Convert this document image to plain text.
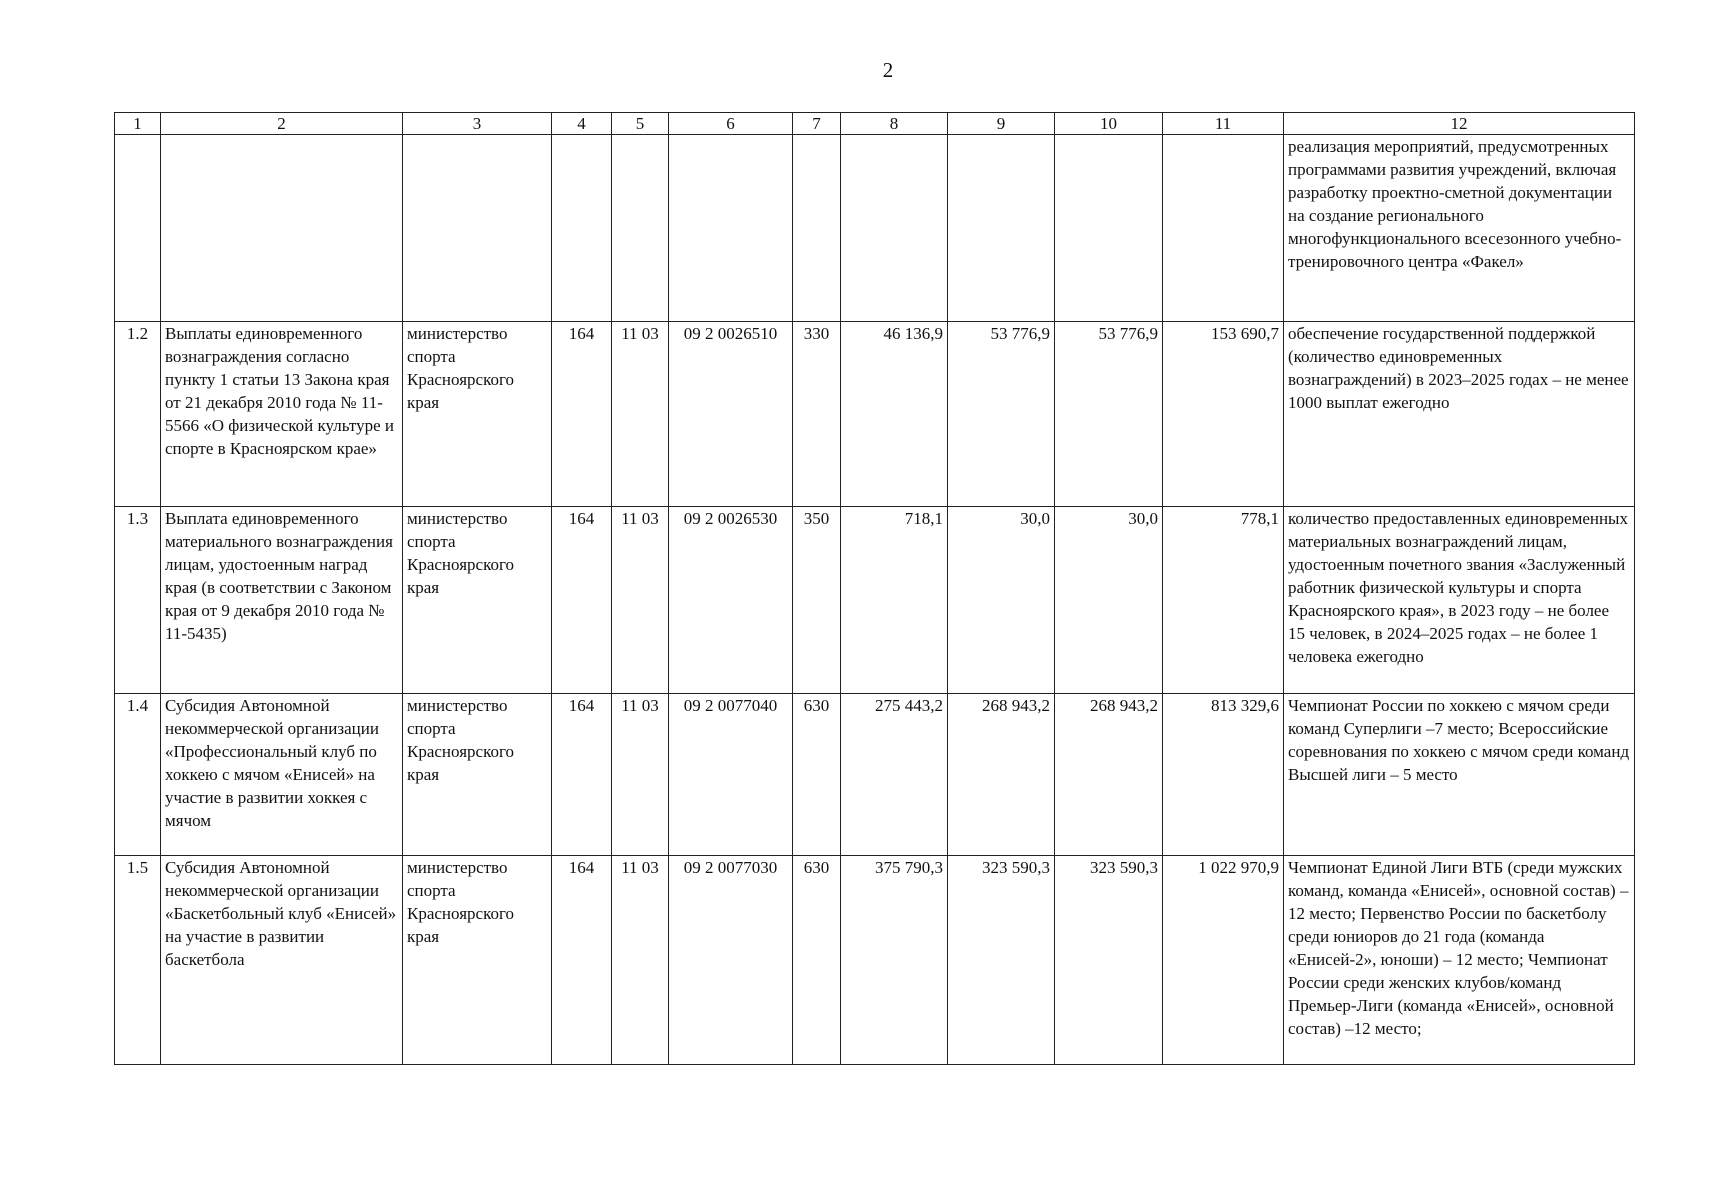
2
1	2	3	4	5	6	7	8	9	10	11	12
											реализация мероприятий, предусмотренных программами развития учреждений, включая разработку проектно-сметной документации на создание регионального многофункционального всесезонного учебно-тренировочного центра «Факел»
1.2	Выплаты единовременного вознаграждения согласно пункту 1 статьи 13 Закона края от 21 декабря 2010 года № 11-5566 «О физической культуре и спорте в Красноярском крае»	министерство спорта Красноярского края	164	11 03	09 2 0026510	330	46 136,9	53 776,9	53 776,9	153 690,7	обеспечение государственной поддержкой (количество единовременных вознаграждений) в 2023–2025 годах – не менее 1000 выплат ежегодно
1.3	Выплата единовременного материального вознаграждения лицам, удостоенным наград края (в соответствии с Законом края от 9 декабря 2010 года № 11-5435)	министерство спорта Красноярского края	164	11 03	09 2 0026530	350	718,1	30,0	30,0	778,1	количество предоставленных единовременных материальных вознаграждений лицам, удостоенным почетного звания «Заслуженный работник физической культуры и спорта Красноярского края», в 2023 году – не более 15 человек, в 2024–2025 годах – не более 1 человека ежегодно
1.4	Субсидия Автономной некоммерческой организации «Профессиональный клуб по хоккею с мячом «Енисей» на участие в развитии хоккея с мячом	министерство спорта Красноярского края	164	11 03	09 2 0077040	630	275 443,2	268 943,2	268 943,2	813 329,6	Чемпионат России по хоккею с мячом среди команд Суперлиги –7 место; Всероссийские соревнования по хоккею с мячом среди команд Высшей лиги – 5 место
1.5	Субсидия Автономной некоммерческой организации «Баскетбольный клуб «Енисей» на участие в развитии баскетбола	министерство спорта Красноярского края	164	11 03	09 2 0077030	630	375 790,3	323 590,3	323 590,3	1 022 970,9	Чемпионат Единой Лиги ВТБ (среди мужских команд, команда «Енисей», основной состав) – 12 место; Первенство России по баскетболу среди юниоров до 21 года (команда «Енисей-2», юноши) – 12 место; Чемпионат России среди женских клубов/команд Премьер-Лиги (команда «Енисей», основной состав) –12 место;
